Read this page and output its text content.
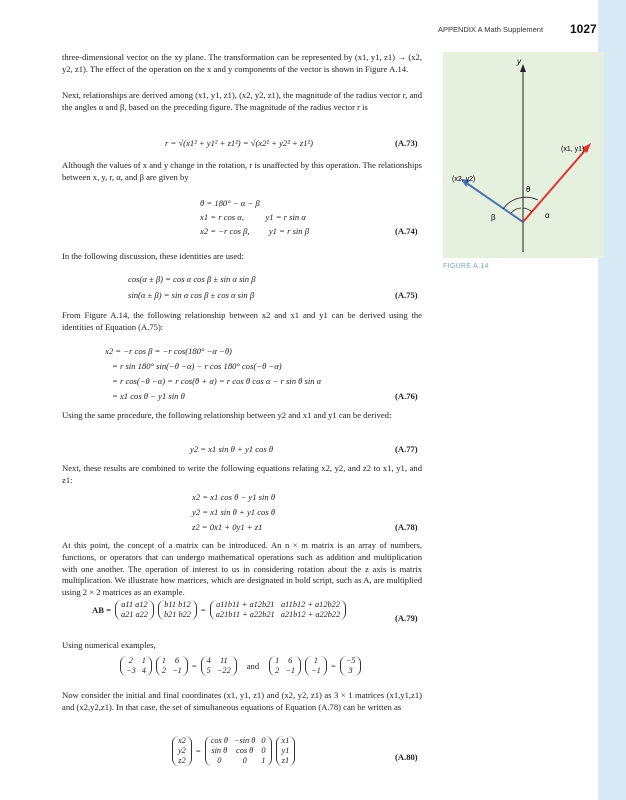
APPENDIX A Math Supplement 1027
y
(x1, y1)
(x2, y2)
θ
α
β
FIGURE A.14
three-dimensional vector on the xy plane. The transformation can be represented by (x1, y1, z1) → (x2, y2, z1). The effect of the operation on the x and y components of the vector is shown in Figure A.14.
Next, relationships are derived among (x1, y1, z1), (x2, y2, z1), the magnitude of the radius vector r, and the angles α and β, based on the preceding figure. The magnitude of the radius vector r is
r = √(x1² + y1² + z1²) = √(x2² + y2² + z1²)	(A.73)
Although the values of x and y change in the rotation, r is unaffected by this operation. The relationships between x, y, r, α, and β are given by
θ = 180° − α − β
x1 = r cos α,          y1 = r sin α
x2 = −r cos β,         y1 = r sin β	(A.74)
In the following discussion, these identities are used:
cos(α ± β) = cos α cos β ± sin α sin β
sin(α ± β) = sin α cos β ± cos α sin β	(A.75)
From Figure A.14, the following relationship between x2 and x1 and y1 can be derived using the identities of Equation (A.75):
x2 = −r cos β = −r cos(180° −α −θ)
= r sin 180° sin(−θ −α) − r cos 180° cos(−θ −α)
= r cos(−θ −α) = r cos(θ + α) = r cos θ cos α − r sin θ sin α
= x1 cos θ − y1 sin θ	(A.76)
Using the same procedure, the following relationship between y2 and x1 and y1 can be derived:
y2 = x1 sin θ + y1 cos θ	(A.77)
Next, these results are combined to write the following equations relating x2, y2, and z2 to x1, y1, and z1:
x2 = x1 cos θ − y1 sin θ
y2 = x1 sin θ + y1 cos θ
z2 = 0x1 + 0y1 + z1	(A.78)
At this point, the concept of a matrix can be introduced. An n × m matrix is an array of numbers, functions, or operators that can undergo mathematical operations such as addition and multiplication with one another. The operation of interest to us in considering rotation about the z axis is matrix multiplication. We illustrate how matrices, which are designated in bold script, such as A, are multiplied using 2 × 2 matrices as an example.
AB =
a11 a12
a21 a22
b11 b12
b21 b22 =
a11b11 + a12b21	a11b12 + a12b22
a21b11 + a22b21	a21b12 + a22b22	(A.79)
Using numerical examples,
2	1
−3	4
1	6
2	−1 =
4	11
5	−22 and
1	6
2	−1
1
−1 =
−5
3
Now consider the initial and final coordinates (x1, y1, z1) and (x2, y2, z1) as 3 × 1 matrices (x1,y1,z1) and (x2,y2,z1). In that case, the set of simultaneous equations of Equation (A.78) can be written as
x2
y2
z2
=
cos θ	−sin θ	0
sin θ	cos θ	0
0	0	1
x1
y1
z1	(A.80)
